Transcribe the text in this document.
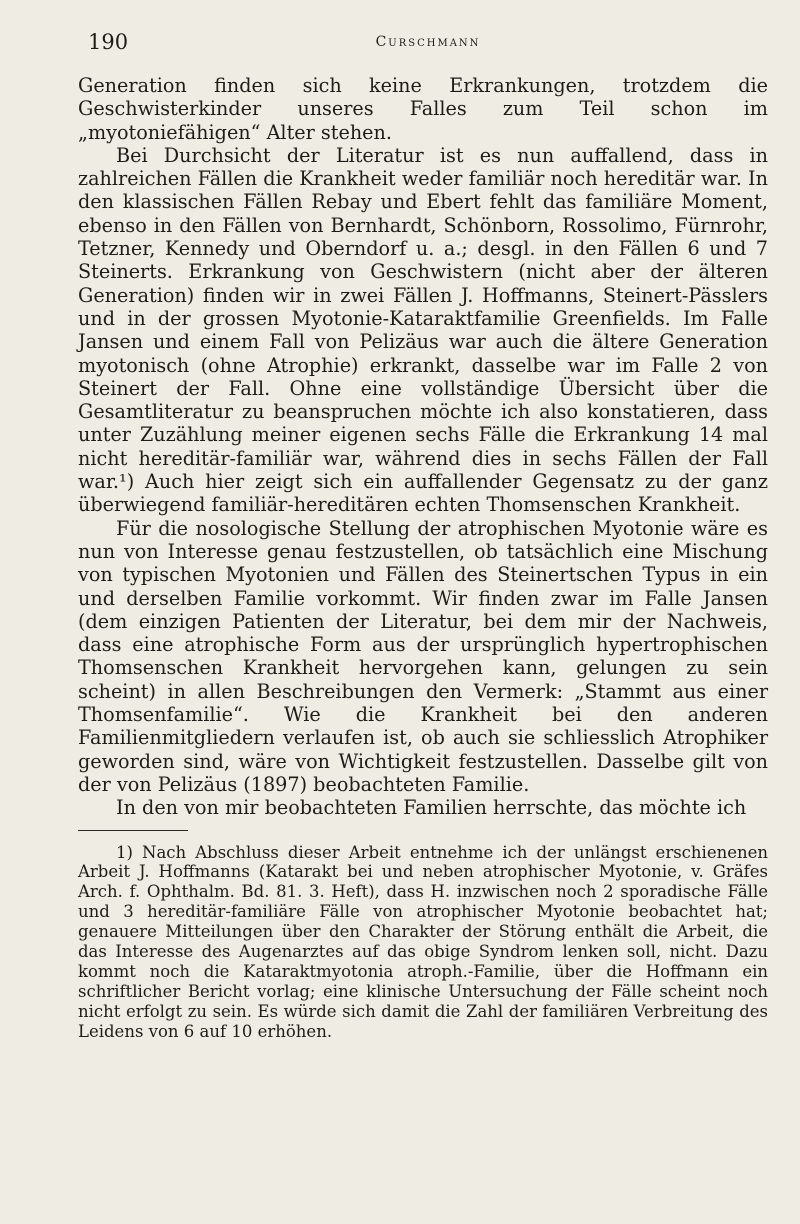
190	Curschmann

Generation finden sich keine Erkrankungen, trotzdem die Geschwisterkinder unseres Falles zum Teil schon im „myotoniefähigen“ Alter stehen.

Bei Durchsicht der Literatur ist es nun auffallend, dass in zahlreichen Fällen die Krankheit weder familiär noch hereditär war. In den klassischen Fällen Rebay und Ebert fehlt das familiäre Moment, ebenso in den Fällen von Bernhardt, Schönborn, Rossolimo, Fürnrohr, Tetzner, Kennedy und Oberndorf u. a.; desgl. in den Fällen 6 und 7 Steinerts. Erkrankung von Geschwistern (nicht aber der älteren Generation) finden wir in zwei Fällen J. Hoffmanns, Steinert-Pässlers und in der grossen Myotonie-Kataraktfamilie Greenfields. Im Falle Jansen und einem Fall von Pelizäus war auch die ältere Generation myotonisch (ohne Atrophie) erkrankt, dasselbe war im Falle 2 von Steinert der Fall. Ohne eine vollständige Übersicht über die Gesamtliteratur zu beanspruchen möchte ich also konstatieren, dass unter Zuzählung meiner eigenen sechs Fälle die Erkrankung 14 mal nicht hereditär-familiär war, während dies in sechs Fällen der Fall war.¹) Auch hier zeigt sich ein auffallender Gegensatz zu der ganz überwiegend familiär-hereditären echten Thomsenschen Krankheit.

Für die nosologische Stellung der atrophischen Myotonie wäre es nun von Interesse genau festzustellen, ob tatsächlich eine Mischung von typischen Myotonien und Fällen des Steinertschen Typus in ein und derselben Familie vorkommt. Wir finden zwar im Falle Jansen (dem einzigen Patienten der Literatur, bei dem mir der Nachweis, dass eine atrophische Form aus der ursprünglich hypertrophischen Thomsenschen Krankheit hervorgehen kann, gelungen zu sein scheint) in allen Beschreibungen den Vermerk: „Stammt aus einer Thomsenfamilie“. Wie die Krankheit bei den anderen Familienmitgliedern verlaufen ist, ob auch sie schliesslich Atrophiker geworden sind, wäre von Wichtigkeit festzustellen. Dasselbe gilt von der von Pelizäus (1897) beobachteten Familie.

In den von mir beobachteten Familien herrschte, das möchte ich

1) Nach Abschluss dieser Arbeit entnehme ich der unlängst erschienenen Arbeit J. Hoffmanns (Katarakt bei und neben atrophischer Myotonie, v. Gräfes Arch. f. Ophthalm. Bd. 81. 3. Heft), dass H. inzwischen noch 2 sporadische Fälle und 3 hereditär-familiäre Fälle von atrophischer Myotonie beobachtet hat; genauere Mitteilungen über den Charakter der Störung enthält die Arbeit, die das Interesse des Augenarztes auf das obige Syndrom lenken soll, nicht. Dazu kommt noch die Kataraktmyotonia atroph.-Familie, über die Hoffmann ein schriftlicher Bericht vorlag; eine klinische Untersuchung der Fälle scheint noch nicht erfolgt zu sein. Es würde sich damit die Zahl der familiären Verbreitung des Leidens von 6 auf 10 erhöhen.
